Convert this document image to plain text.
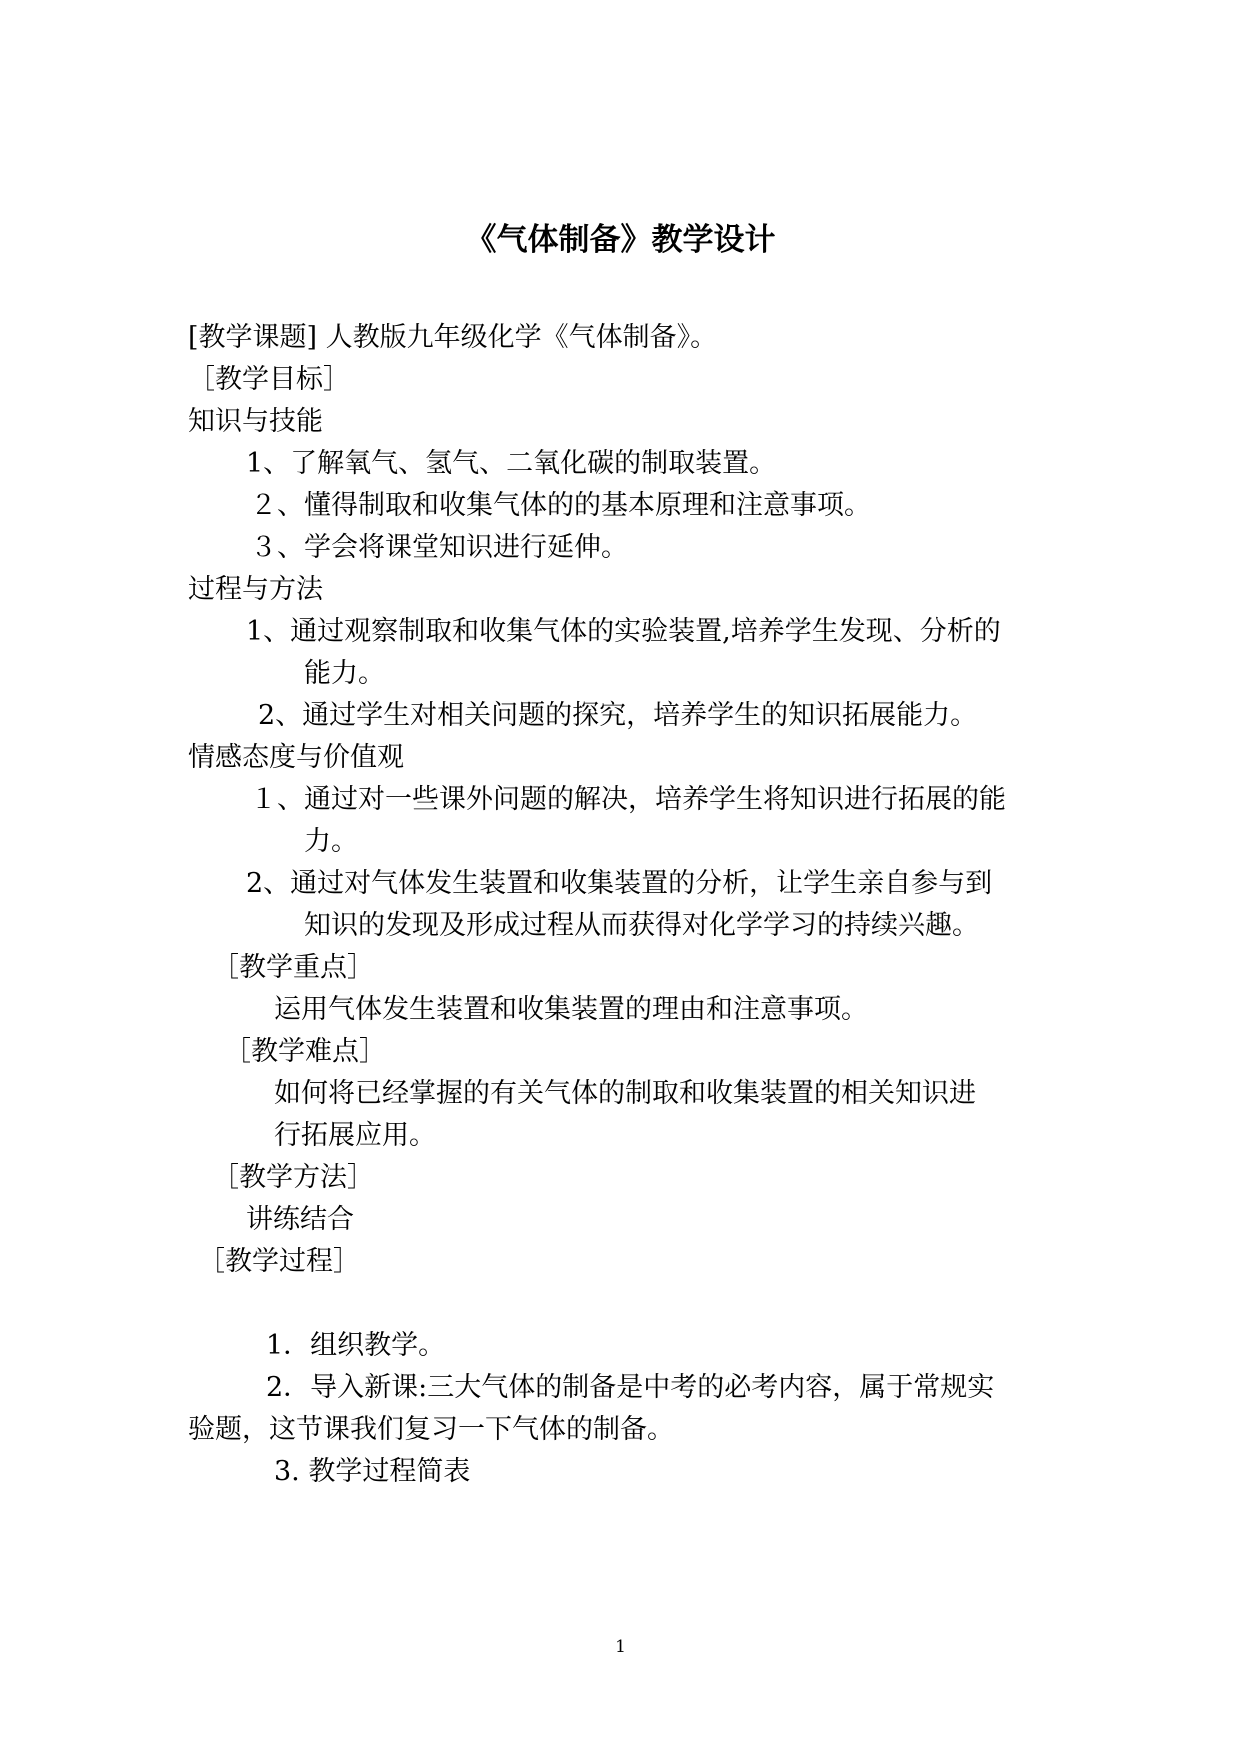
《气体制备》教学设计
[教学课题] 人教版九年级化学《气体制备》。
［教学目标］
知识与技能
1、了解氧气、氢气、二氧化碳的制取装置。
２、懂得制取和收集气体的的基本原理和注意事项。
３、学会将课堂知识进行延伸。
过程与方法
1、通过观察制取和收集气体的实验装置,培养学生发现、分析的
能力。
2、通过学生对相关问题的探究，培养学生的知识拓展能力。
情感态度与价值观
１、通过对一些课外问题的解决，培养学生将知识进行拓展的能
力。
2、通过对气体发生装置和收集装置的分析，让学生亲自参与到
知识的发现及形成过程从而获得对化学学习的持续兴趣。
［教学重点］
运用气体发生装置和收集装置的理由和注意事项。
［教学难点］
如何将已经掌握的有关气体的制取和收集装置的相关知识进
行拓展应用。
［教学方法］
讲练结合
［教学过程］
1．组织教学。
2．导入新课:三大气体的制备是中考的必考内容，属于常规实
验题，这节课我们复习一下气体的制备。
3. 教学过程简表
1
